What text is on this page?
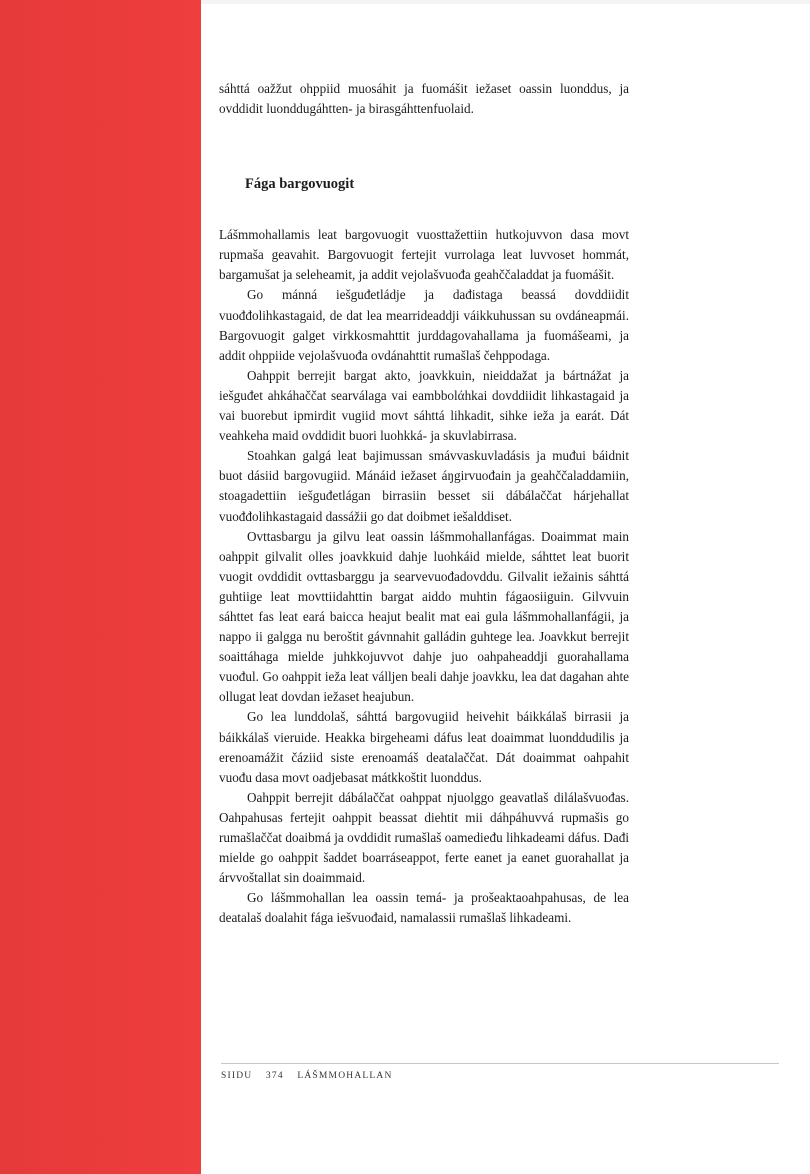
sáhttá oažžut ohppiid muosáhit ja fuomášit iežaset oassin luonddus, ja ovddidit luonddugáhtten- ja birasgáhttenfuolaid.

Fága bargovuogit

Lášmmohallamis leat bargovuogit vuosttažettiin hutkojuvvon dasa movt rupmaša geavahit. Bargovuogit fertejit vurrolaga leat luvvoset hommát, bargamušat ja seleheamit, ja addit vejolašvuođa geahččaladdat ja fuomášit.

Go mánná iešguđetládje ja dađistaga beassá dovddiidit vuođđolihkastagaid, de dat lea mearrideaddji váikkuhussan su ovdáneapmái. Bargovuogit galget virkkosmahttit jurddagovahallama ja fuomášeami, ja addit ohppiide vejolašvuođa ovdánahttit rumašlaš čehppodaga.

Oahppit berrejit bargat akto, joavkkuin, nieiddažat ja bártnážat ja iešguđet ahkáhaččat searválaga vai eambbolάhkai dovddiidit lihkastagaid ja vai buorebut ipmirdit vugiid movt sáhttá lihkadit, sihke ieža ja earát. Dát veahkeha maid ovddidit buori luohkká- ja skuvlabirrasa.

Stoahkan galgá leat bajimussan smávvaskuvladásis ja muđui báidnit buot dásiid bargovugiid. Mánáid iežaset áŋgirvuođain ja geahččaladdamiin, stoagadettiin iešguđetlágan birrasiin besset sii dábálaččat hárjehallat vuođđolihkastagaid dassážii go dat doibmet iešalddiset.

Ovttasbargu ja gilvu leat oassin lášmmohallanfágas. Doaimmat main oahppit gilvalit olles joavkkuid dahje luohkáid mielde, sáhttet leat buorit vuogit ovddidit ovttasbarggu ja searvevuođadovddu. Gilvalit iežainis sáhttá guhtiige leat movttiidahttin bargat aiddo muhtin fágaosiiguin. Gilvvuin sáhttet fas leat eará baicca heajut bealit mat eai gula lášmmohallanfágii, ja nappo ii galgga nu beroštit gávnnahit galládin guhtege lea. Joavkkut berrejit soaittáhaga mielde juhkkojuvvot dahje juo oahpaheaddji guorahallama vuođul. Go oahppit ieža leat válljen beali dahje joavkku, lea dat dagahan ahte ollugat leat dovdan iežaset heajubun.

Go lea lunddolaš, sáhttá bargovugiid heivehit báikkálaš birrasii ja báikkálaš vieruide. Heakka birgeheami dáfus leat doaimmat luonddudilis ja erenoamážit čáziid siste erenoamáš deatalaččat. Dát doaimmat oahpahit vuođu dasa movt oadjebasat mátkkoštit luonddus.

Oahppit berrejit dábálaččat oahppat njuolggo geavatlaš dilálašvuođas. Oahpahusas fertejit oahppit beassat diehtit mii dáhpáhuvvá rupmašis go rumašlaččat doaibmá ja ovddidit rumašlaš oamedieđu lihkadeami dáfus. Dađi mielde go oahppit šaddet boarráseappot, ferte eanet ja eanet guorahallat ja árvvoštallat sin doaimmaid.

Go lášmmohallan lea oassin temá- ja prošeaktaoahpahusas, de lea deatalaš doalahit fága iešvuođaid, namalassii rumašlaš lihkadeami.

SIIDU 374 LÁŠMMOHALLAN
